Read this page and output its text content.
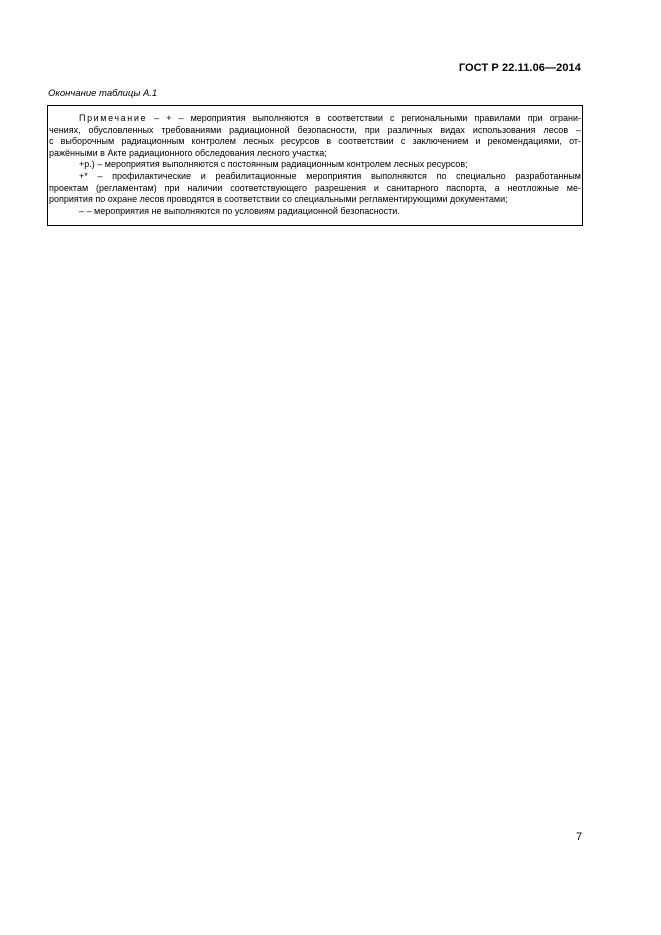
ГОСТ Р 22.11.06—2014
Окончание таблицы А.1
Примечание – + – мероприятия выполняются в соответствии с региональными правилами при ограни-
чениях, обусловленных требованиями радиационной безопасности, при различных видах использования лесов –
с выборочным радиационным контролем лесных ресурсов в соответствии с заключением и рекомендациями, от-
ражёнными в Акте радиационного обследования лесного участка;
+р.) – мероприятия выполняются с постоянным радиационным контролем лесных ресурсов;
+* – профилактические и реабилитационные мероприятия выполняются по специально разработанным
проектам (регламентам) при наличии соответствующего разрешения и санитарного паспорта, а неотложные ме-
роприятия по охране лесов проводятся в соответствии со специальными регламентирующими документами;
– – мероприятия не выполняются по условиям радиационной безопасности.
7
